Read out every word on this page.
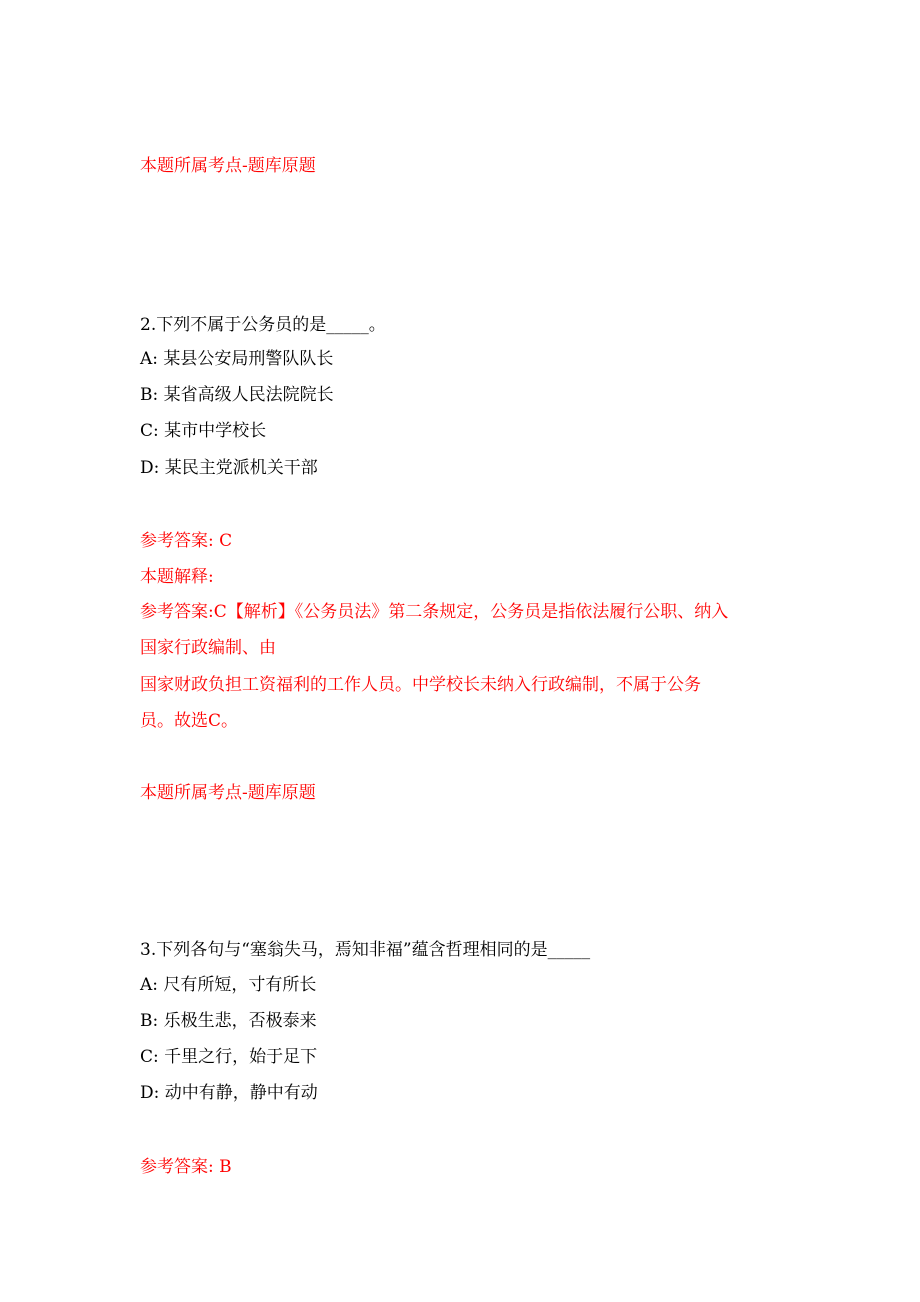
本题所属考点-题库原题
2.下列不属于公务员的是_____。
A: 某县公安局刑警队队长
B: 某省高级人民法院院长
C: 某市中学校长
D: 某民主党派机关干部
参考答案: C
本题解释:
参考答案:C【解析】《公务员法》第二条规定，公务员是指依法履行公职、纳入
国家行政编制、由
国家财政负担工资福利的工作人员。中学校长未纳入行政编制，不属于公务
员。故选C。
本题所属考点-题库原题
3.下列各句与“塞翁失马，焉知非福”蕴含哲理相同的是_____
A: 尺有所短，寸有所长
B: 乐极生悲，否极泰来
C: 千里之行，始于足下
D: 动中有静，静中有动
参考答案: B
